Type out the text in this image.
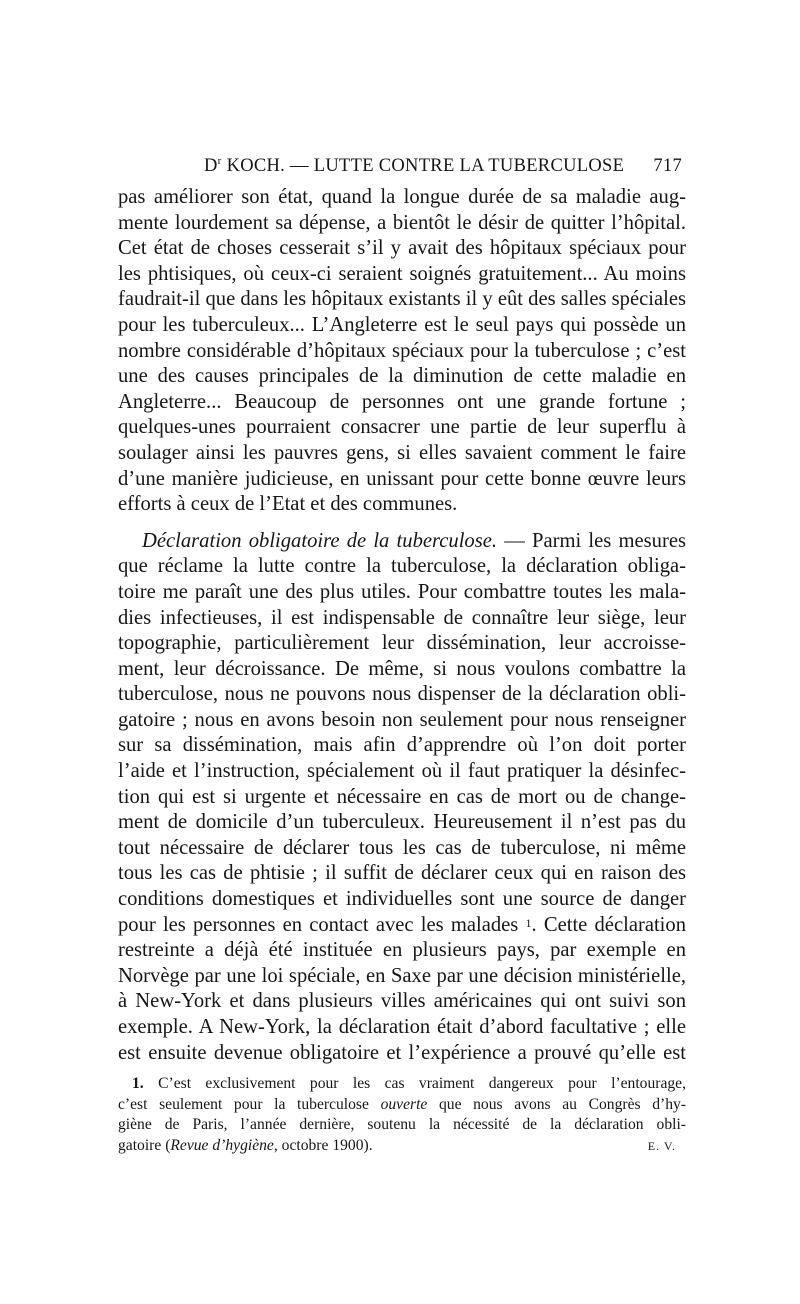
$D^r$ KOCH. — LUTTE CONTRE LA TUBERCULOSE 717
pas améliorer son état, quand la longue durée de sa maladie aug-
mente lourdement sa dépense, a bientôt le désir de quitter l’hôpital.
Cet état de choses cesserait s’il y avait des hôpitaux spéciaux pour
les phtisiques, où ceux-ci seraient soignés gratuitement... Au moins
faudrait-il que dans les hôpitaux existants il y eût des salles spéciales
pour les tuberculeux... L’Angleterre est le seul pays qui possède un
nombre considérable d’hôpitaux spéciaux pour la tuberculose ; c’est
une des causes principales de la diminution de cette maladie en
Angleterre... Beaucoup de personnes ont une grande fortune ;
quelques-unes pourraient consacrer une partie de leur superflu à
soulager ainsi les pauvres gens, si elles savaient comment le faire
d’une manière judicieuse, en unissant pour cette bonne œuvre leurs
efforts à ceux de l’Etat et des communes.
Déclaration obligatoire de la tuberculose. — Parmi les mesures
que réclame la lutte contre la tuberculose, la déclaration obliga-
toire me paraît une des plus utiles. Pour combattre toutes les mala-
dies infectieuses, il est indispensable de connaître leur siège, leur
topographie, particulièrement leur dissémination, leur accroisse-
ment, leur décroissance. De même, si nous voulons combattre la
tuberculose, nous ne pouvons nous dispenser de la déclaration obli-
gatoire ; nous en avons besoin non seulement pour nous renseigner
sur sa dissémination, mais afin d’apprendre où l’on doit porter
l’aide et l’instruction, spécialement où il faut pratiquer la désinfec-
tion qui est si urgente et nécessaire en cas de mort ou de change-
ment de domicile d’un tuberculeux. Heureusement il n’est pas du
tout nécessaire de déclarer tous les cas de tuberculose, ni même
tous les cas de phtisie ; il suffit de déclarer ceux qui en raison des
conditions domestiques et individuelles sont une source de danger
pour les personnes en contact avec les malades $^1$. Cette déclaration
restreinte a déjà été instituée en plusieurs pays, par exemple en
Norvège par une loi spéciale, en Saxe par une décision ministérielle,
à New-York et dans plusieurs villes américaines qui ont suivi son
exemple. A New-York, la déclaration était d’abord facultative ; elle
est ensuite devenue obligatoire et l’expérience a prouvé qu’elle est
1. C’est exclusivement pour les cas vraiment dangereux pour l’entourage,
c’est seulement pour la tuberculose ouverte que nous avons au Congrès d’hy-
giène de Paris, l’année dernière, soutenu la nécessité de la déclaration obli-
gatoire (Revue d’hygiène, octobre 1900).	E. V.
